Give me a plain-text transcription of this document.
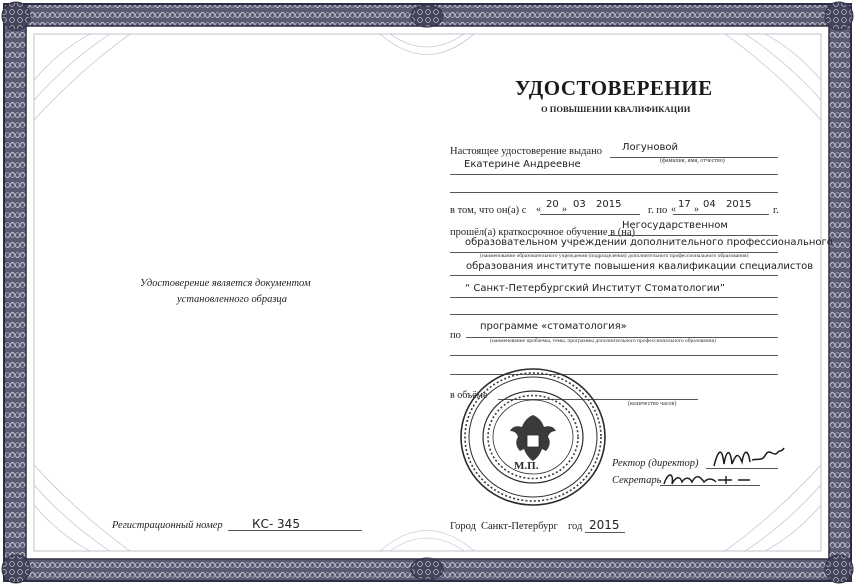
Удостоверение является документом
установленного образца
Регистрационный номер КС- 345
УДОСТОВЕРЕНИЕ
О ПОВЫШЕНИИ КВАЛИФИКАЦИИ
Настоящее удостоверение выдано Логуновой
(фамилия, имя, отчество)
Екатерине Андреевне
в том, что он(а) с « 20 » 03 2015
г. по « 17 » 04 2015
г.
прошёл(а) краткосрочное обучение в (на)
Негосударственном
образовательном учреждении дополнительного профессионального
(наименование образовательного учреждения (подразделения) дополнительного профессионального образования)
образования институте повышения квалификации специалистов
“ Санкт-Петербургский Институт Стоматологии”
программе «стоматология»
по	(наименование проблемы, темы, программы дополнительного профессионального образования)
в объёме
(количество часов)
М.П.	Ректор (директор)
Секретарь
Город Санкт-Петербург год 2015
